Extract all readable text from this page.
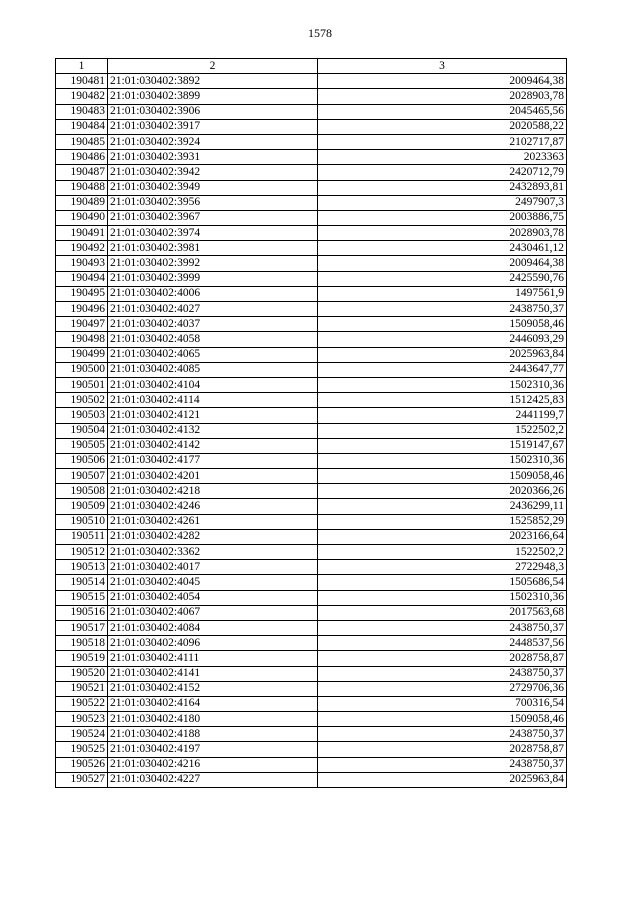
1578
1	2	3
190481	21:01:030402:3892	2009464,38
190482	21:01:030402:3899	2028903,78
190483	21:01:030402:3906	2045465,56
190484	21:01:030402:3917	2020588,22
190485	21:01:030402:3924	2102717,87
190486	21:01:030402:3931	2023363
190487	21:01:030402:3942	2420712,79
190488	21:01:030402:3949	2432893,81
190489	21:01:030402:3956	2497907,3
190490	21:01:030402:3967	2003886,75
190491	21:01:030402:3974	2028903,78
190492	21:01:030402:3981	2430461,12
190493	21:01:030402:3992	2009464,38
190494	21:01:030402:3999	2425590,76
190495	21:01:030402:4006	1497561,9
190496	21:01:030402:4027	2438750,37
190497	21:01:030402:4037	1509058,46
190498	21:01:030402:4058	2446093,29
190499	21:01:030402:4065	2025963,84
190500	21:01:030402:4085	2443647,77
190501	21:01:030402:4104	1502310,36
190502	21:01:030402:4114	1512425,83
190503	21:01:030402:4121	2441199,7
190504	21:01:030402:4132	1522502,2
190505	21:01:030402:4142	1519147,67
190506	21:01:030402:4177	1502310,36
190507	21:01:030402:4201	1509058,46
190508	21:01:030402:4218	2020366,26
190509	21:01:030402:4246	2436299,11
190510	21:01:030402:4261	1525852,29
190511	21:01:030402:4282	2023166,64
190512	21:01:030402:3362	1522502,2
190513	21:01:030402:4017	2722948,3
190514	21:01:030402:4045	1505686,54
190515	21:01:030402:4054	1502310,36
190516	21:01:030402:4067	2017563,68
190517	21:01:030402:4084	2438750,37
190518	21:01:030402:4096	2448537,56
190519	21:01:030402:4111	2028758,87
190520	21:01:030402:4141	2438750,37
190521	21:01:030402:4152	2729706,36
190522	21:01:030402:4164	700316,54
190523	21:01:030402:4180	1509058,46
190524	21:01:030402:4188	2438750,37
190525	21:01:030402:4197	2028758,87
190526	21:01:030402:4216	2438750,37
190527	21:01:030402:4227	2025963,84
